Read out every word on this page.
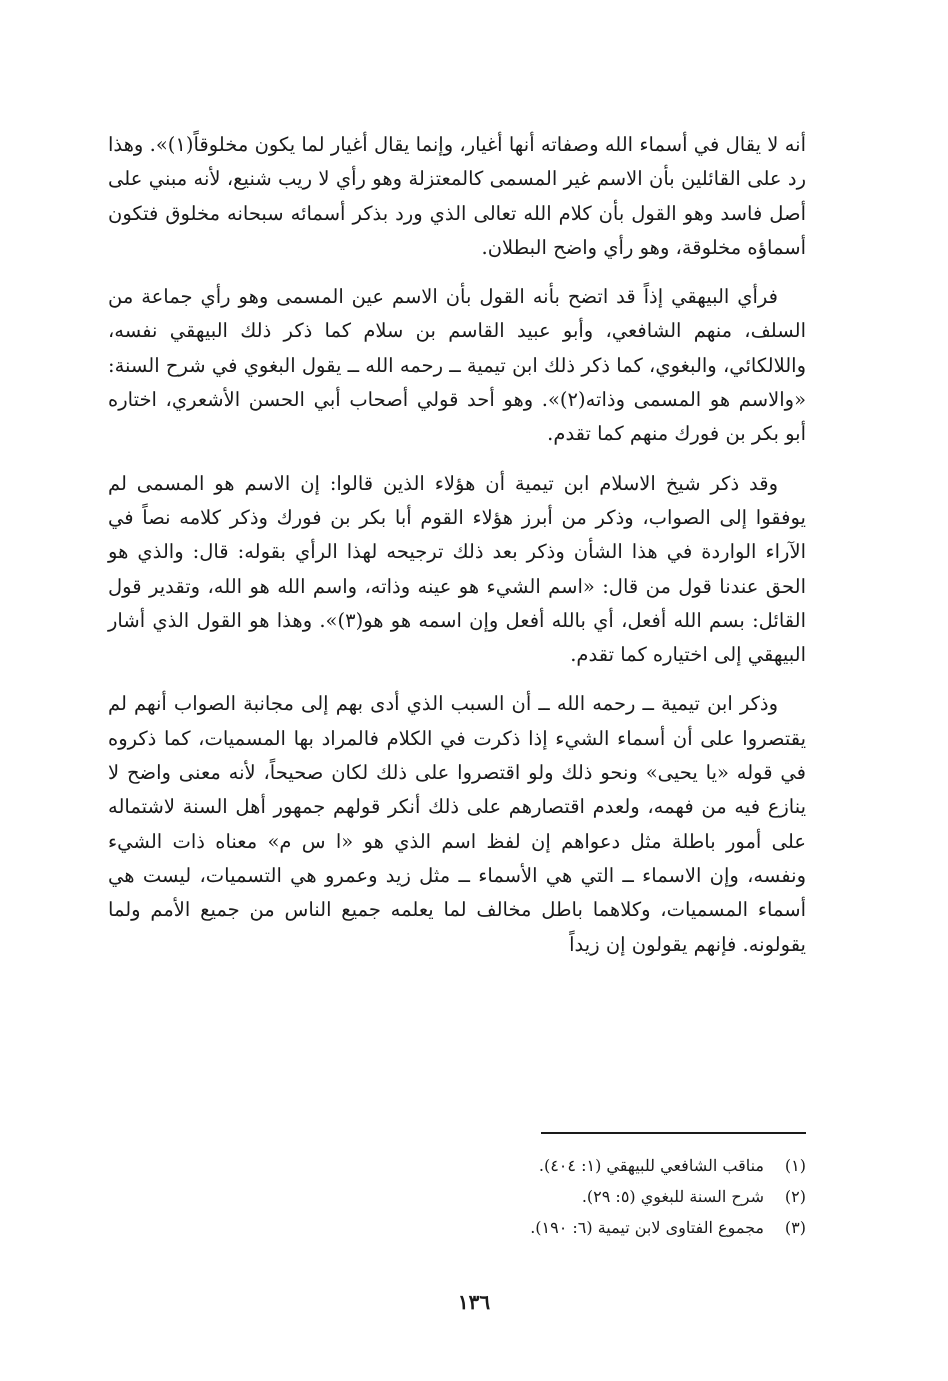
أنه لا يقال في أسماء الله وصفاته أنها أغيار، وإنما يقال أغيار لما يكون مخلوقاً(١)». وهذا رد على القائلين بأن الاسم غير المسمى كالمعتزلة وهو رأي لا ريب شنيع، لأنه مبني على أصل فاسد وهو القول بأن كلام الله تعالى الذي ورد بذكر أسمائه سبحانه مخلوق فتكون أسماؤه مخلوقة، وهو رأي واضح البطلان.

فرأي البيهقي إذاً قد اتضح بأنه القول بأن الاسم عين المسمى وهو رأي جماعة من السلف، منهم الشافعي، وأبو عبيد القاسم بن سلام كما ذكر ذلك البيهقي نفسه، واللالكائي، والبغوي، كما ذكر ذلك ابن تيمية ــ رحمه الله ــ يقول البغوي في شرح السنة: «والاسم هو المسمى وذاته(٢)». وهو أحد قولي أصحاب أبي الحسن الأشعري، اختاره أبو بكر بن فورك منهم كما تقدم.

وقد ذكر شيخ الاسلام ابن تيمية أن هؤلاء الذين قالوا: إن الاسم هو المسمى لم يوفقوا إلى الصواب، وذكر من أبرز هؤلاء القوم أبا بكر بن فورك وذكر كلامه نصاً في الآراء الواردة في هذا الشأن وذكر بعد ذلك ترجيحه لهذا الرأي بقوله: قال: والذي هو الحق عندنا قول من قال: «اسم الشيء هو عينه وذاته، واسم الله هو الله، وتقدير قول القائل: بسم الله أفعل، أي بالله أفعل وإن اسمه هو هو(٣)». وهذا هو القول الذي أشار البيهقي إلى اختياره كما تقدم.

وذكر ابن تيمية ــ رحمه الله ــ أن السبب الذي أدى بهم إلى مجانبة الصواب أنهم لم يقتصروا على أن أسماء الشيء إذا ذكرت في الكلام فالمراد بها المسميات، كما ذكروه في قوله «يا يحيى» ونحو ذلك ولو اقتصروا على ذلك لكان صحيحاً، لأنه معنى واضح لا ينازع فيه من فهمه، ولعدم اقتصارهم على ذلك أنكر قولهم جمهور أهل السنة لاشتماله على أمور باطلة مثل دعواهم إن لفظ اسم الذي هو «ا س م» معناه ذات الشيء ونفسه، وإن الاسماء ــ التي هي الأسماء ــ مثل زيد وعمرو هي التسميات، ليست هي أسماء المسميات، وكلاهما باطل مخالف لما يعلمه جميع الناس من جميع الأمم ولما يقولونه. فإنهم يقولون إن زيداً

(١)
مناقب الشافعي للبيهقي (١: ٤٠٤).
(٢)
شرح السنة للبغوي (٥: ٢٩).
(٣)
مجموع الفتاوى لابن تيمية (٦: ١٩٠).
١٣٦
